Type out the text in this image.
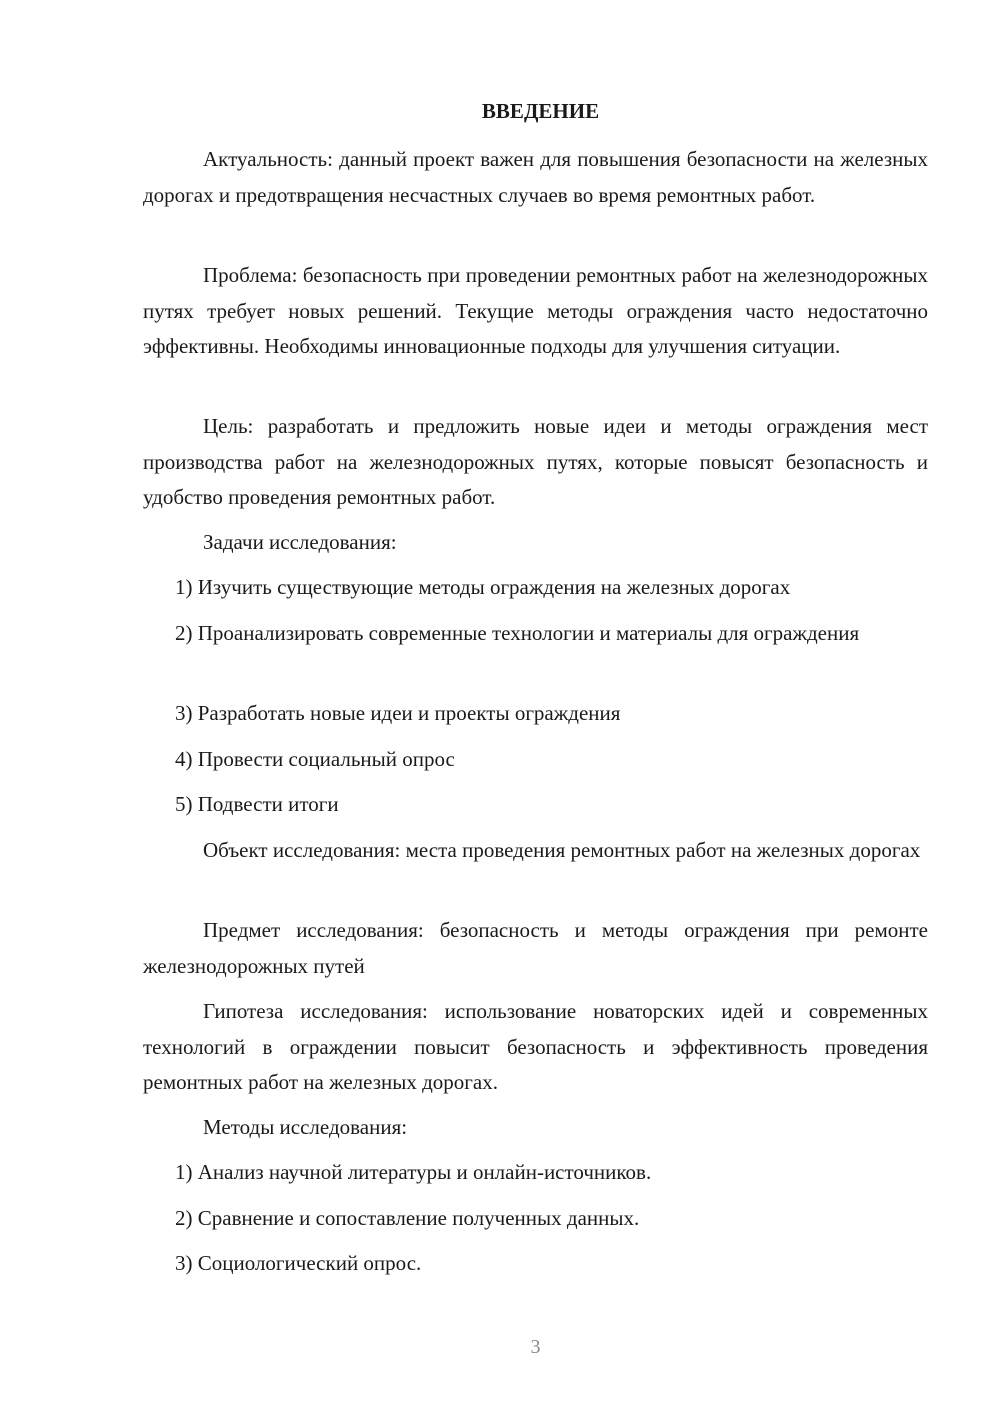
ВВЕДЕНИЕ

Актуальность: данный проект важен для повышения безопасности на железных дорогах и предотвращения несчастных случаев во время ремонтных работ.

Проблема: безопасность при проведении ремонтных работ на железнодорожных путях требует новых решений. Текущие методы ограждения часто недостаточно эффективны. Необходимы инновационные подходы для улучшения ситуации.

Цель: разработать и предложить новые идеи и методы ограждения мест производства работ на железнодорожных путях, которые повысят безопасность и удобство проведения ремонтных работ.

Задачи исследования:

1) Изучить существующие методы ограждения на железных дорогах

2) Проанализировать современные технологии и материалы для ограждения

3) Разработать новые идеи и проекты ограждения

4) Провести социальный опрос

5) Подвести итоги

Объект исследования: места проведения ремонтных работ на железных дорогах

Предмет исследования: безопасность и методы ограждения при ремонте железнодорожных путей

Гипотеза исследования: использование новаторских идей и современных технологий в ограждении повысит безопасность и эффективность проведения ремонтных работ на железных дорогах.

Методы исследования:

1) Анализ научной литературы и онлайн-источников.

2) Сравнение и сопоставление полученных данных.

3) Социологический опрос.

3
